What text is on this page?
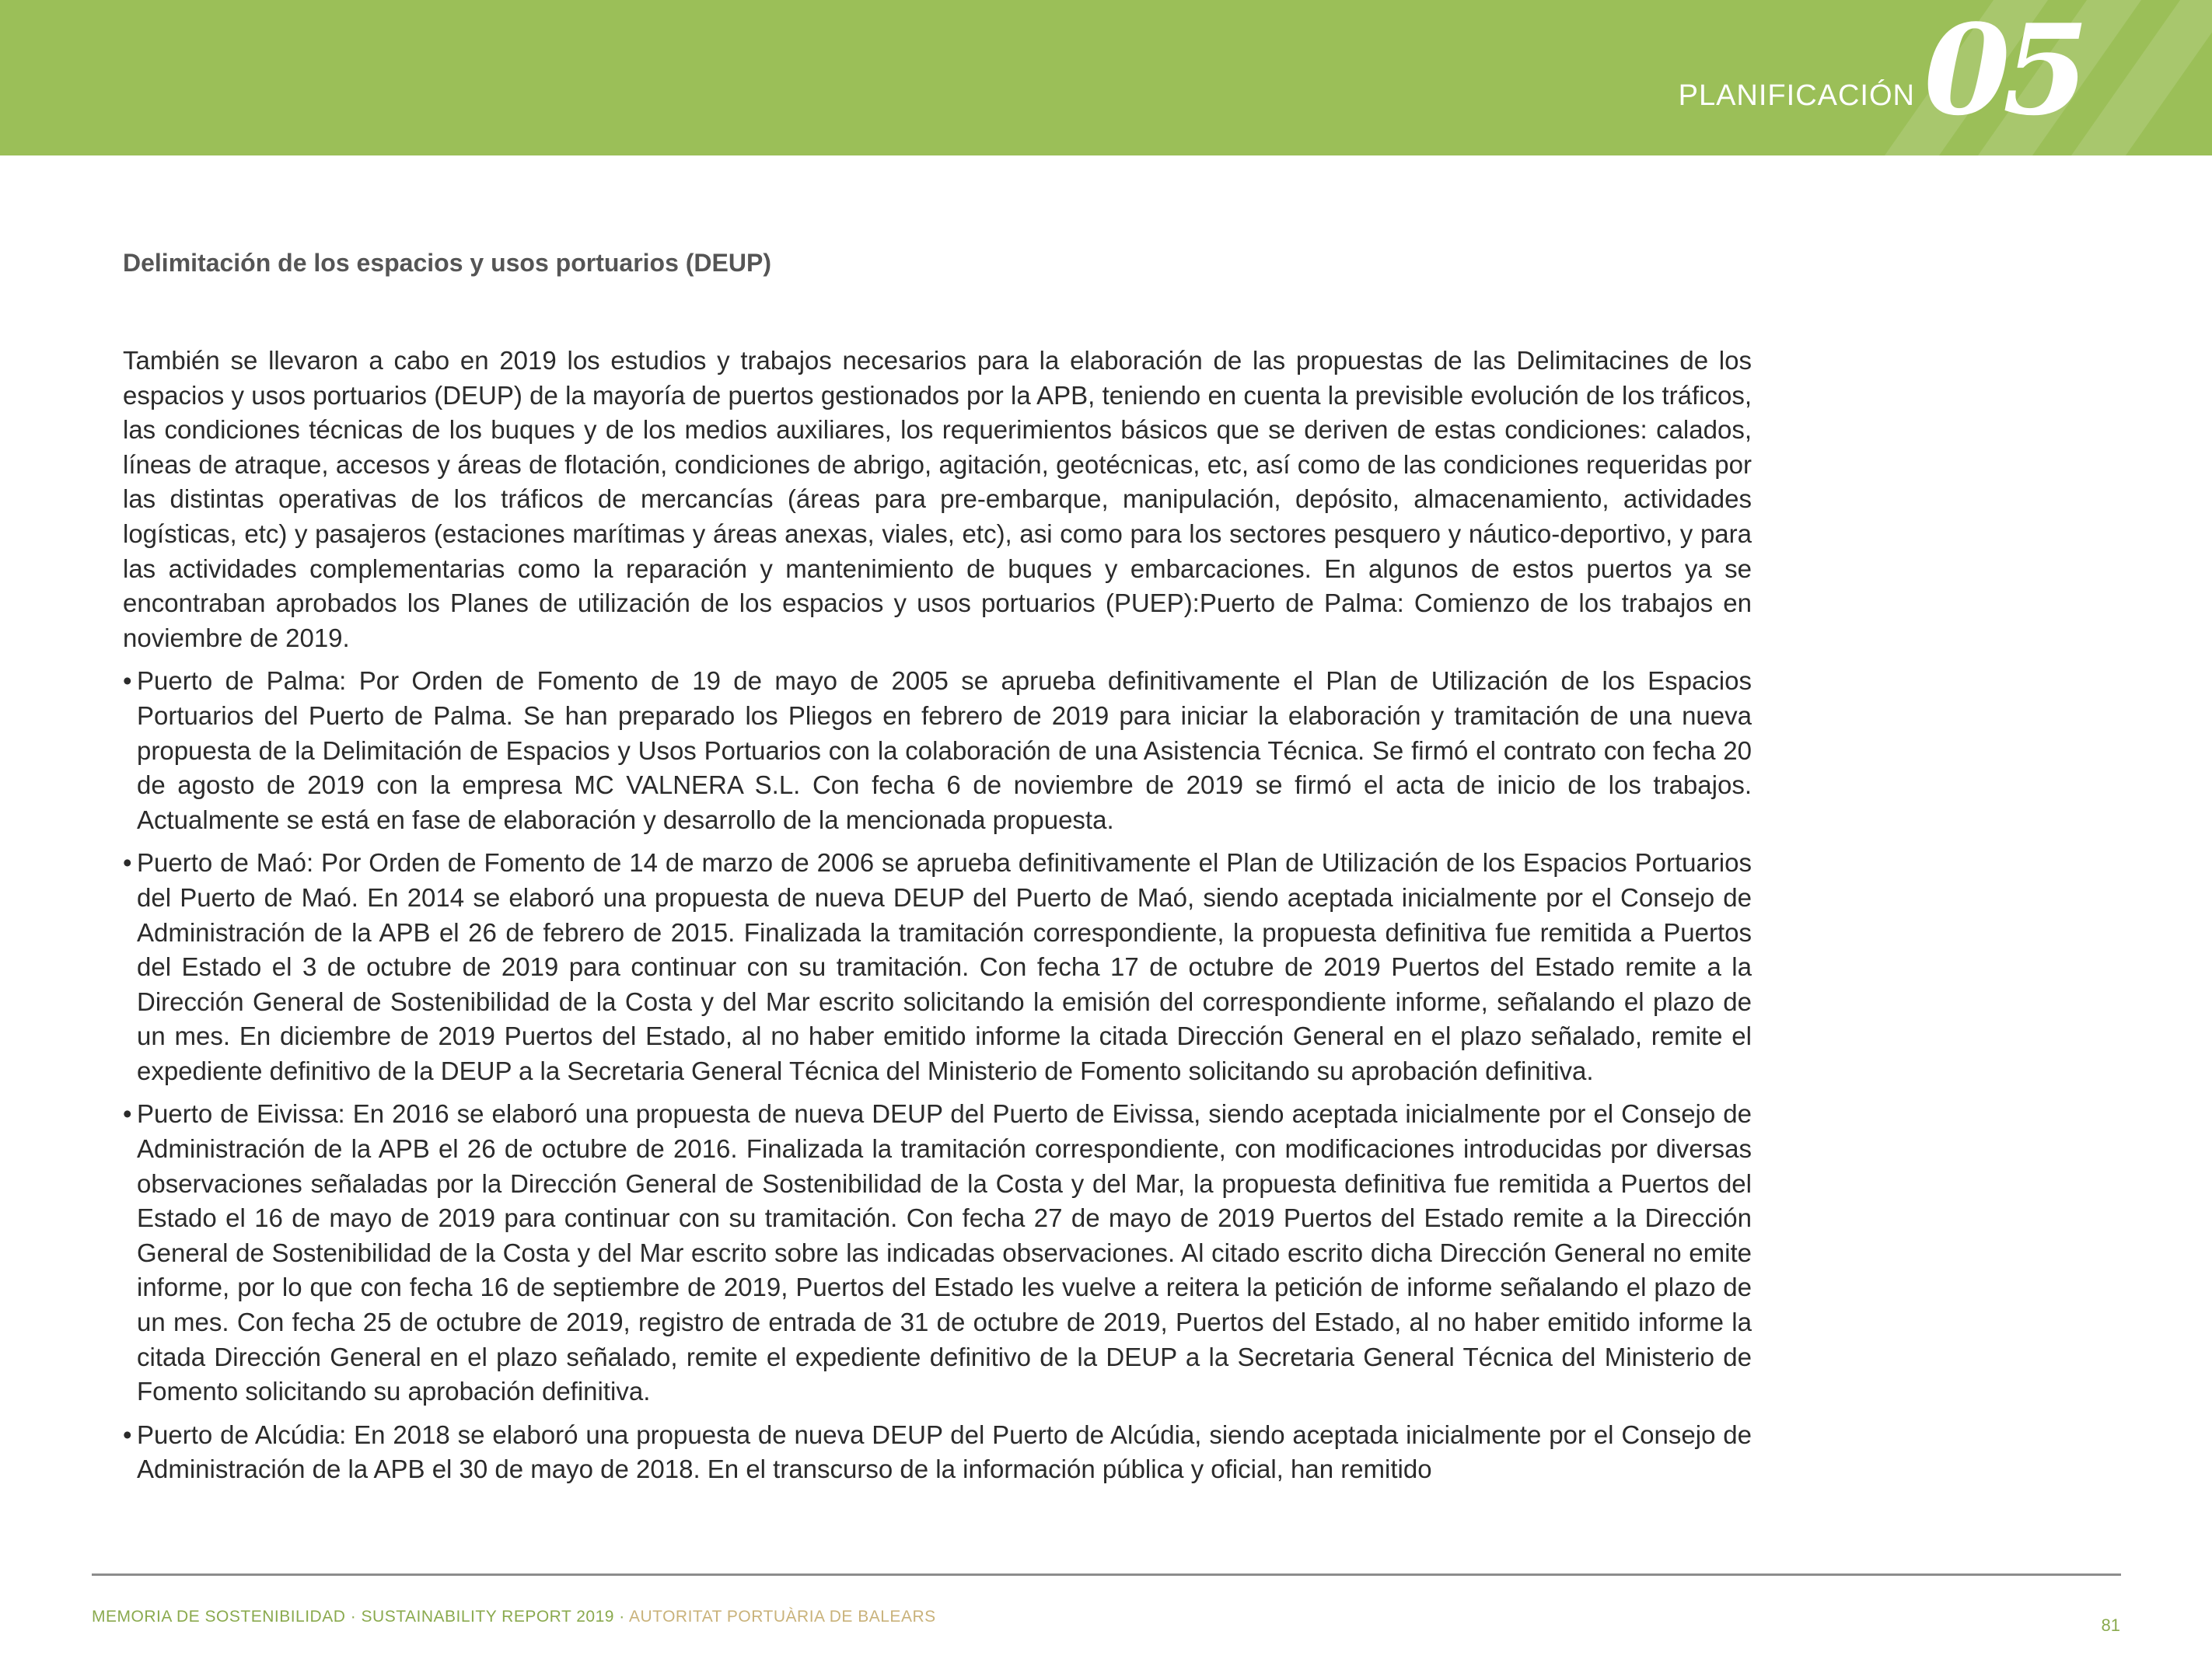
PLANIFICACIÓN 05
Delimitación de los espacios y usos portuarios (DEUP)

También se llevaron a cabo en 2019 los estudios y trabajos necesarios para la elaboración de las propuestas de las Delimitacines de los espacios y usos portuarios (DEUP) de la mayoría de puertos gestionados por la APB, teniendo en cuenta la previsible evolución de los tráficos, las condiciones técnicas de los buques y de los medios auxiliares, los requerimientos básicos que se deriven de estas condiciones: calados, líneas de atraque, accesos y áreas de flotación, condiciones de abrigo, agitación, geotécnicas, etc, así como de las condiciones requeridas por las distintas operativas de los tráficos de mercancías (áreas para pre-embarque, manipulación, depósito, almacenamiento, actividades logísticas, etc) y pasajeros (estaciones marítimas y áreas anexas, viales, etc), asi como para los sectores pesquero y náutico-deportivo, y para las actividades complementarias como la reparación y mantenimiento de buques y embarcaciones. En algunos de estos puertos ya se encontraban aprobados los Planes de utilización de los espacios y usos portuarios (PUEP):Puerto de Palma: Comienzo de los trabajos en noviembre de 2019.

• Puerto de Palma: Por Orden de Fomento de 19 de mayo de 2005 se aprueba definitivamente el Plan de Utilización de los Espacios Portuarios del Puerto de Palma. Se han preparado los Pliegos en febrero de 2019 para iniciar la elaboración y tramitación de una nueva propuesta de la Delimitación de Espacios y Usos Portuarios con la colaboración de una Asistencia Técnica. Se firmó el contrato con fecha 20 de agosto de 2019 con la empresa MC VALNERA S.L. Con fecha 6 de noviembre de 2019 se firmó el acta de inicio de los trabajos. Actualmente se está en fase de elaboración y desarrollo de la mencionada propuesta.
• Puerto de Maó: Por Orden de Fomento de 14 de marzo de 2006 se aprueba definitivamente el Plan de Utilización de los Espacios Portuarios del Puerto de Maó. En 2014 se elaboró una propuesta de nueva DEUP del Puerto de Maó, siendo aceptada inicialmente por el Consejo de Administración de la APB el 26 de febrero de 2015. Finalizada la tramitación correspondiente, la propuesta definitiva fue remitida a Puertos del Estado el 3 de octubre de 2019 para continuar con su tramitación. Con fecha 17 de octubre de 2019 Puertos del Estado remite a la Dirección General de Sostenibilidad de la Costa y del Mar escrito solicitando la emisión del correspondiente informe, señalando el plazo de un mes. En diciembre de 2019 Puertos del Estado, al no haber emitido informe la citada Dirección General en el plazo señalado, remite el expediente definitivo de la DEUP a la Secretaria General Técnica del Ministerio de Fomento solicitando su aprobación definitiva.
• Puerto de Eivissa: En 2016 se elaboró una propuesta de nueva DEUP del Puerto de Eivissa, siendo aceptada inicialmente por el Consejo de Administración de la APB el 26 de octubre de 2016. Finalizada la tramitación correspondiente, con modificaciones introducidas por diversas observaciones señaladas por la Dirección General de Sostenibilidad de la Costa y del Mar, la propuesta definitiva fue remitida a Puertos del Estado el 16 de mayo de 2019 para continuar con su tramitación. Con fecha 27 de mayo de 2019 Puertos del Estado remite a la Dirección General de Sostenibilidad de la Costa y del Mar escrito sobre las indicadas observaciones. Al citado escrito dicha Dirección General no emite informe, por lo que con fecha 16 de septiembre de 2019, Puertos del Estado les vuelve a reitera la petición de informe señalando el plazo de un mes. Con fecha 25 de octubre de 2019, registro de entrada de 31 de octubre de 2019, Puertos del Estado, al no haber emitido informe la citada Dirección General en el plazo señalado, remite el expediente definitivo de la DEUP a la Secretaria General Técnica del Ministerio de Fomento solicitando su aprobación definitiva.
• Puerto de Alcúdia: En 2018 se elaboró una propuesta de nueva DEUP del Puerto de Alcúdia, siendo aceptada inicialmente por el Consejo de Administración de la APB el 30 de mayo de 2018. En el transcurso de la información pública y oficial, han remitido
MEMORIA DE SOSTENIBILIDAD · SUSTAINABILITY REPORT 2019 · AUTORITAT PORTUÀRIA DE BALEARS	81
